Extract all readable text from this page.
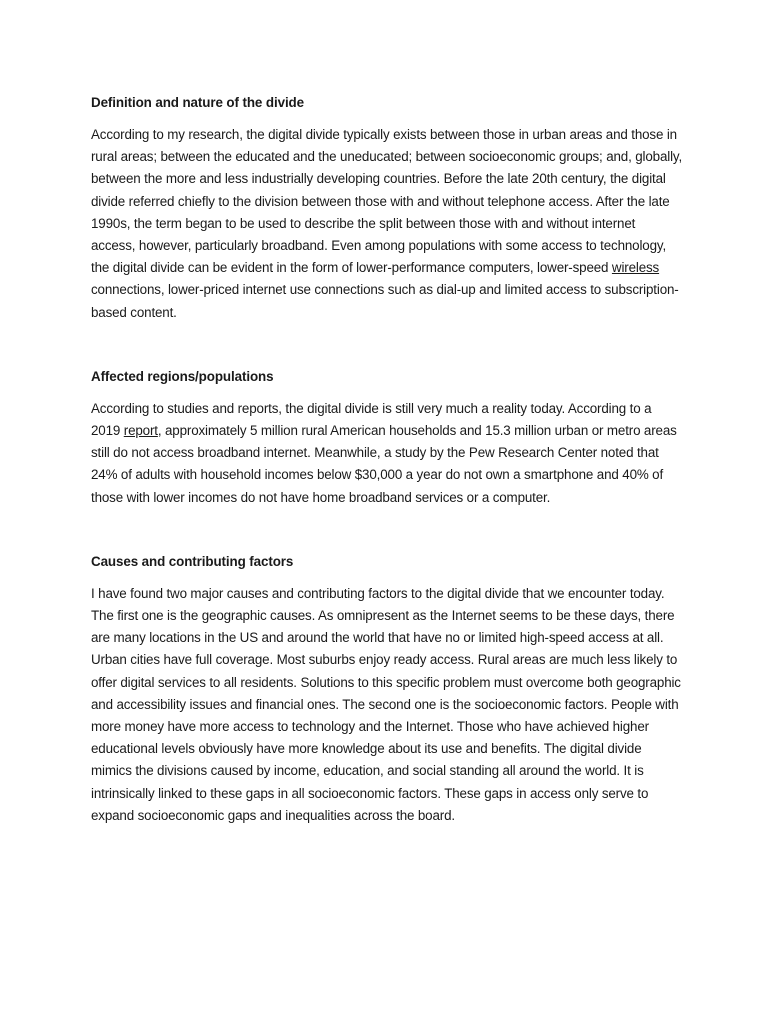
Definition and nature of the divide

According to my research, the digital divide typically exists between those in urban areas and those in rural areas; between the educated and the uneducated; between socioeconomic groups; and, globally, between the more and less industrially developing countries. Before the late 20th century, the digital divide referred chiefly to the division between those with and without telephone access. After the late 1990s, the term began to be used to describe the split between those with and without internet access, however, particularly broadband. Even among populations with some access to technology, the digital divide can be evident in the form of lower-performance computers, lower-speed wireless connections, lower-priced internet use connections such as dial-up and limited access to subscription-based content.

Affected regions/populations

According to studies and reports, the digital divide is still very much a reality today. According to a 2019 report, approximately 5 million rural American households and 15.3 million urban or metro areas still do not access broadband internet. Meanwhile, a study by the Pew Research Center noted that 24% of adults with household incomes below $30,000 a year do not own a smartphone and 40% of those with lower incomes do not have home broadband services or a computer.

Causes and contributing factors

I have found two major causes and contributing factors to the digital divide that we encounter today. The first one is the geographic causes. As omnipresent as the Internet seems to be these days, there are many locations in the US and around the world that have no or limited high-speed access at all. Urban cities have full coverage. Most suburbs enjoy ready access. Rural areas are much less likely to offer digital services to all residents. Solutions to this specific problem must overcome both geographic and accessibility issues and financial ones. The second one is the socioeconomic factors. People with more money have more access to technology and the Internet. Those who have achieved higher educational levels obviously have more knowledge about its use and benefits. The digital divide mimics the divisions caused by income, education, and social standing all around the world. It is intrinsically linked to these gaps in all socioeconomic factors. These gaps in access only serve to expand socioeconomic gaps and inequalities across the board.
